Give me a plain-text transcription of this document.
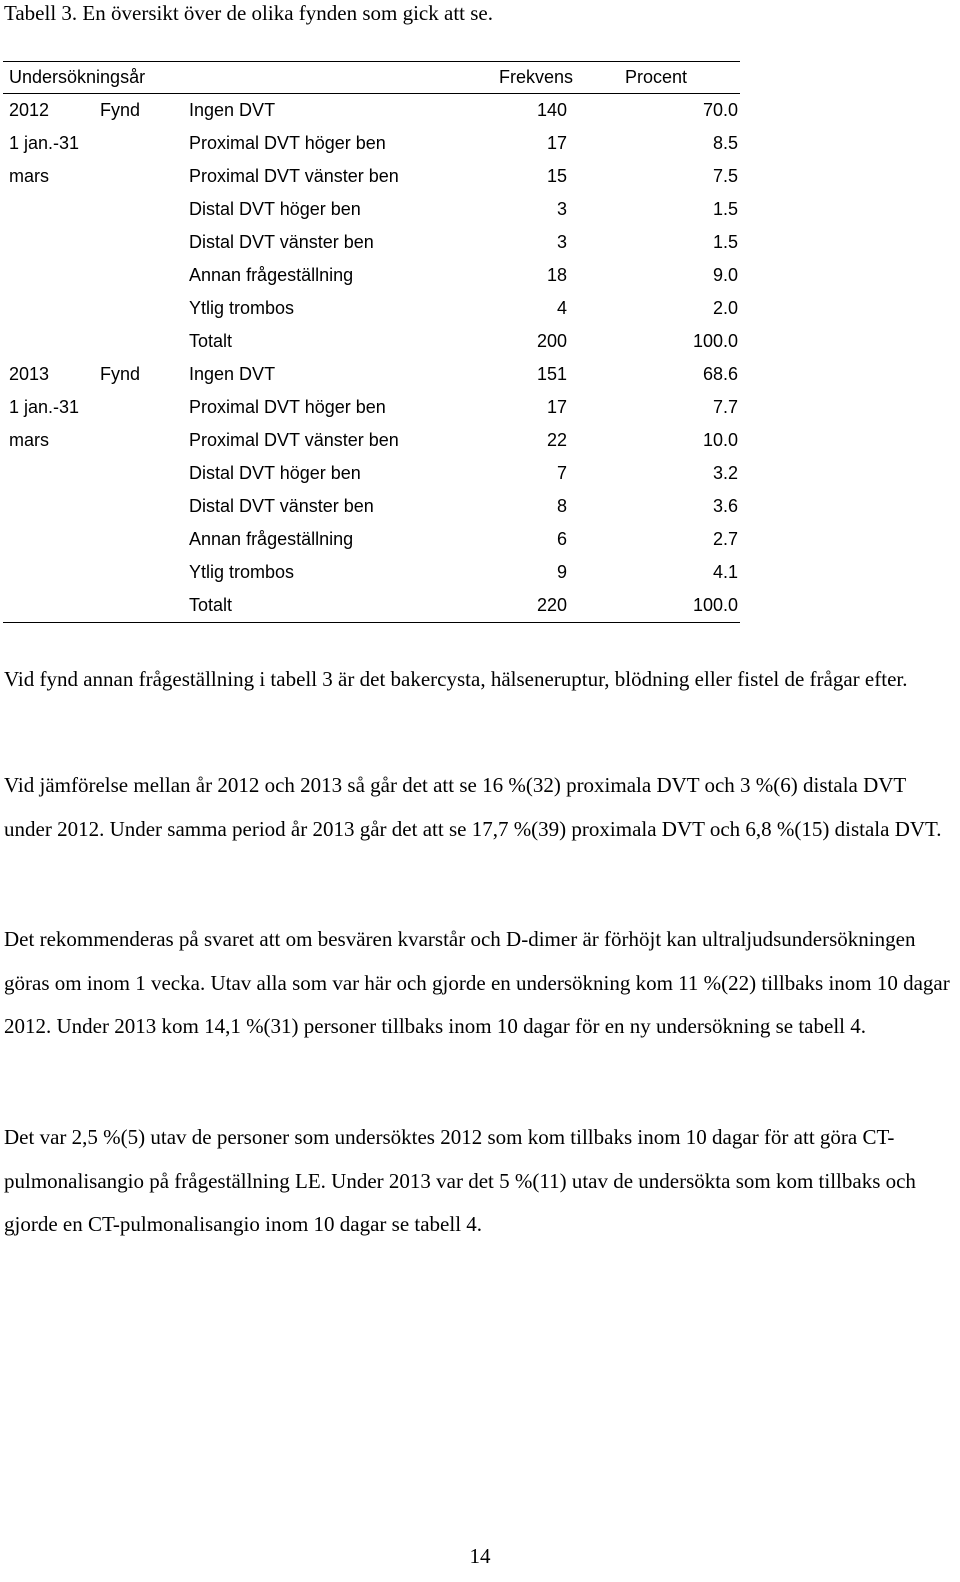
Tabell 3. En översikt över de olika fynden som gick att se.
Undersökningsår			Frekvens	Procent
2012	Fynd	Ingen DVT	140	70.0
1 jan.-31		Proximal DVT höger ben	17	8.5
mars		Proximal DVT vänster ben	15	7.5
		Distal DVT höger ben	3	1.5
		Distal DVT vänster ben	3	1.5
		Annan frågeställning	18	9.0
		Ytlig trombos	4	2.0
		Totalt	200	100.0
2013	Fynd	Ingen DVT	151	68.6
1 jan.-31		Proximal DVT höger ben	17	7.7
mars		Proximal DVT vänster ben	22	10.0
		Distal DVT höger ben	7	3.2
		Distal DVT vänster ben	8	3.6
		Annan frågeställning	6	2.7
		Ytlig trombos	9	4.1
		Totalt	220	100.0

Vid fynd annan frågeställning i tabell 3 är det bakercysta, hälseneruptur, blödning eller fistel de frågar efter.

Vid jämförelse mellan år 2012 och 2013 så går det att se 16 %(32) proximala DVT och 3 %(6) distala DVT under 2012. Under samma period år 2013 går det att se 17,7 %(39) proximala DVT och 6,8 %(15) distala DVT.

Det rekommenderas på svaret att om besvären kvarstår och D-dimer är förhöjt kan ultraljudsundersökningen göras om inom 1 vecka. Utav alla som var här och gjorde en undersökning kom 11 %(22) tillbaks inom 10 dagar 2012. Under 2013 kom 14,1 %(31) personer tillbaks inom 10 dagar för en ny undersökning se tabell 4.

Det var 2,5 %(5) utav de personer som undersöktes 2012 som kom tillbaks inom 10 dagar för att göra CT-pulmonalisangio på frågeställning LE. Under 2013 var det 5 %(11) utav de undersökta som kom tillbaks och gjorde en CT-pulmonalisangio inom 10 dagar se tabell 4.

14
